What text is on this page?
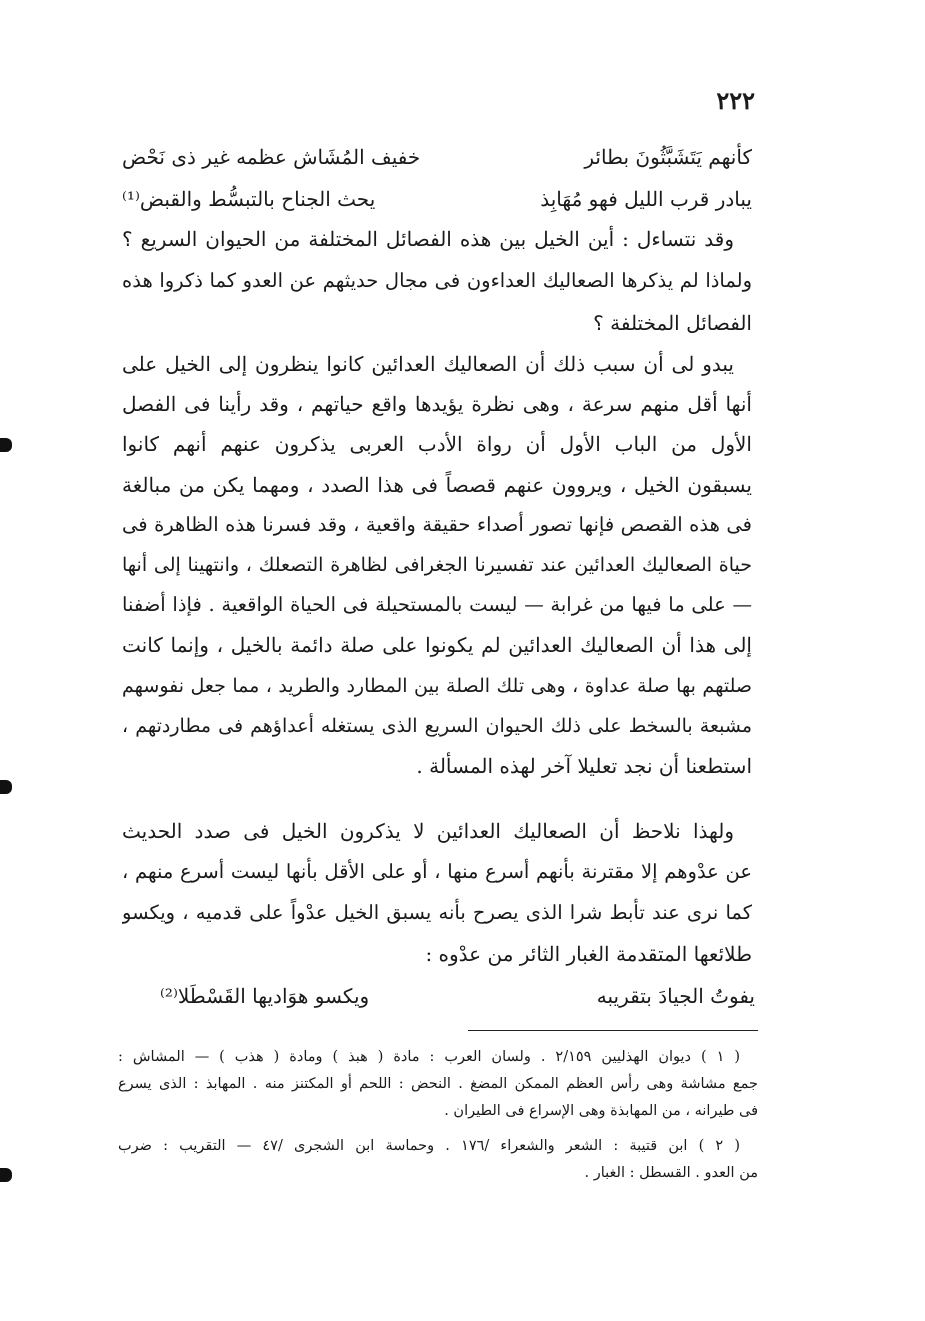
٢٢٢
كأنهم يَتَشَبَّثُونَ بطائر
خفيف المُشَاش عظمه غير ذى نَحْض
يبادر قرب الليل فهو مُهَابِذ
يحث الجناح بالتبسُّط والقبض⁽¹⁾
وقد نتساءل : أين الخيل بين هذه الفصائل المختلفة من الحيوان السريع ؟
ولماذا لم يذكرها الصعاليك العداءون فى مجال حديثهم عن العدو كما ذكروا هذه
الفصائل المختلفة ؟
يبدو لى أن سبب ذلك أن الصعاليك العدائين كانوا ينظرون إلى الخيل على
أنها أقل منهم سرعة ، وهى نظرة يؤيدها واقع حياتهم ، وقد رأينا فى الفصل
الأول من الباب الأول أن رواة الأدب العربى يذكرون عنهم أنهم كانوا
يسبقون الخيل ، ويروون عنهم قصصاً فى هذا الصدد ، ومهما يكن من مبالغة
فى هذه القصص فإنها تصور أصداء حقيقة واقعية ، وقد فسرنا هذه الظاهرة فى
حياة الصعاليك العدائين عند تفسيرنا الجغرافى لظاهرة التصعلك ، وانتهينا إلى أنها
— على ما فيها من غرابة — ليست بالمستحيلة فى الحياة الواقعية . فإذا أضفنا
إلى هذا أن الصعاليك العدائين لم يكونوا على صلة دائمة بالخيل ، وإنما كانت
صلتهم بها صلة عداوة ، وهى تلك الصلة بين المطارد والطريد ، مما جعل نفوسهم
مشبعة بالسخط على ذلك الحيوان السريع الذى يستغله أعداؤهم فى مطاردتهم ،
استطعنا أن نجد تعليلا آخر لهذه المسألة .
ولهذا نلاحظ أن الصعاليك العدائين لا يذكرون الخيل فى صدد الحديث
عن عدْوهم إلا مقترنة بأنهم أسرع منها ، أو على الأقل بأنها ليست أسرع منهم ،
كما نرى عند تأبط شرا الذى يصرح بأنه يسبق الخيل عدْواً على قدميه ، ويكسو
طلائعها المتقدمة الغبار الثائر من عدْوه :
يفوتُ الجيادَ بتقريبه
ويكسو هوَاديها القَسْطَلا⁽²⁾
( ١ ) ديوان الهذليين ٢/١٥٩ . ولسان العرب : مادة ( هبذ ) ومادة ( هذب ) — المشاش :
جمع مشاشة وهى رأس العظم الممكن المضغ . النحض : اللحم أو المكتنز منه . المهابذ : الذى يسرع
فى طيرانه ، من المهابذة وهى الإسراع فى الطيران .
( ٢ ) ابن قتيبة : الشعر والشعراء /١٧٦ . وحماسة ابن الشجرى /٤٧ — التقريب : ضرب
من العدو . القسطل : الغبار .
